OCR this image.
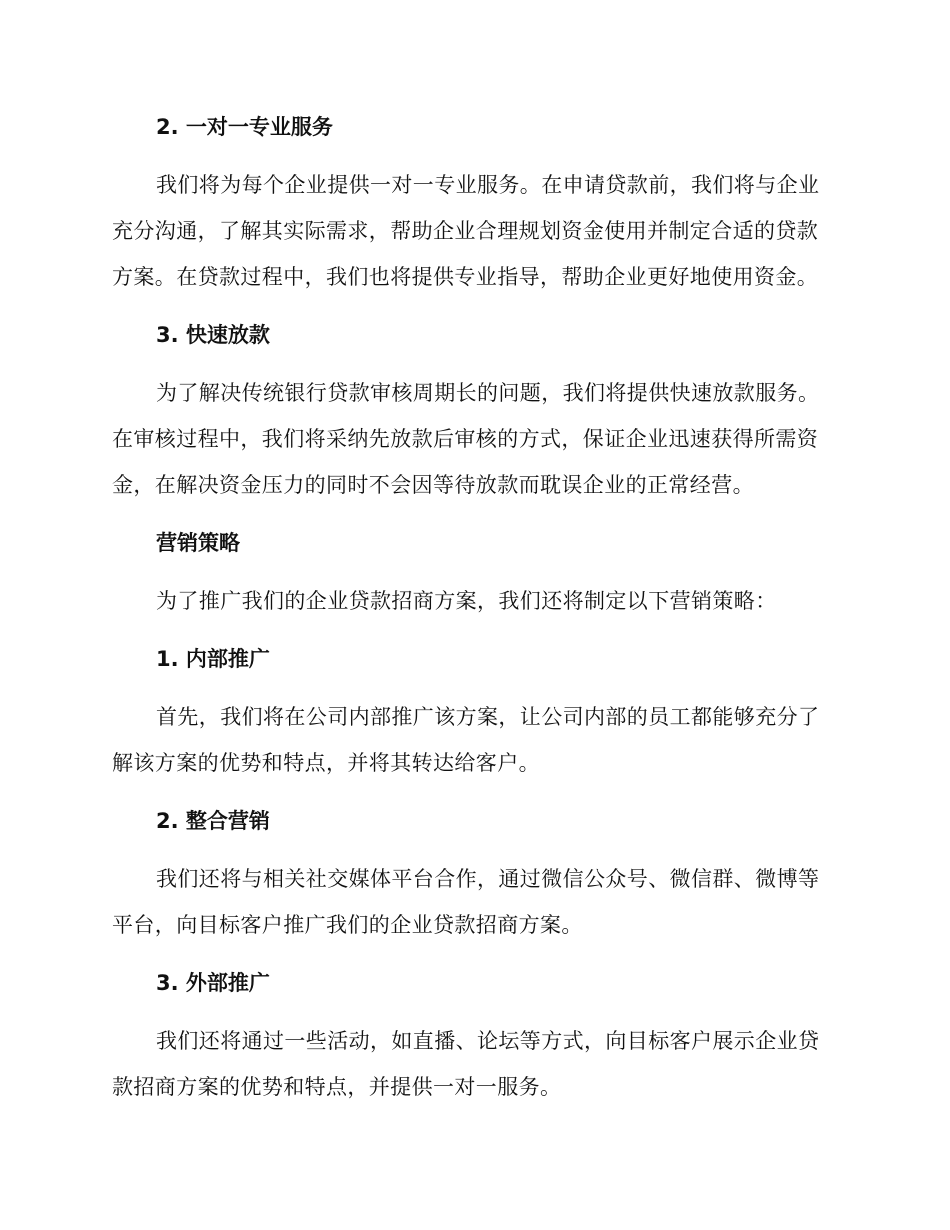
2. 一对一专业服务

我们将为每个企业提供一对一专业服务。在申请贷款前，我们将与企业充分沟通，了解其实际需求，帮助企业合理规划资金使用并制定合适的贷款方案。在贷款过程中，我们也将提供专业指导，帮助企业更好地使用资金。

3. 快速放款

为了解决传统银行贷款审核周期长的问题，我们将提供快速放款服务。在审核过程中，我们将采纳先放款后审核的方式，保证企业迅速获得所需资金，在解决资金压力的同时不会因等待放款而耽误企业的正常经营。

营销策略

为了推广我们的企业贷款招商方案，我们还将制定以下营销策略：

1. 内部推广

首先，我们将在公司内部推广该方案，让公司内部的员工都能够充分了解该方案的优势和特点，并将其转达给客户。

2. 整合营销

我们还将与相关社交媒体平台合作，通过微信公众号、微信群、微博等平台，向目标客户推广我们的企业贷款招商方案。

3. 外部推广

我们还将通过一些活动，如直播、论坛等方式，向目标客户展示企业贷款招商方案的优势和特点，并提供一对一服务。
